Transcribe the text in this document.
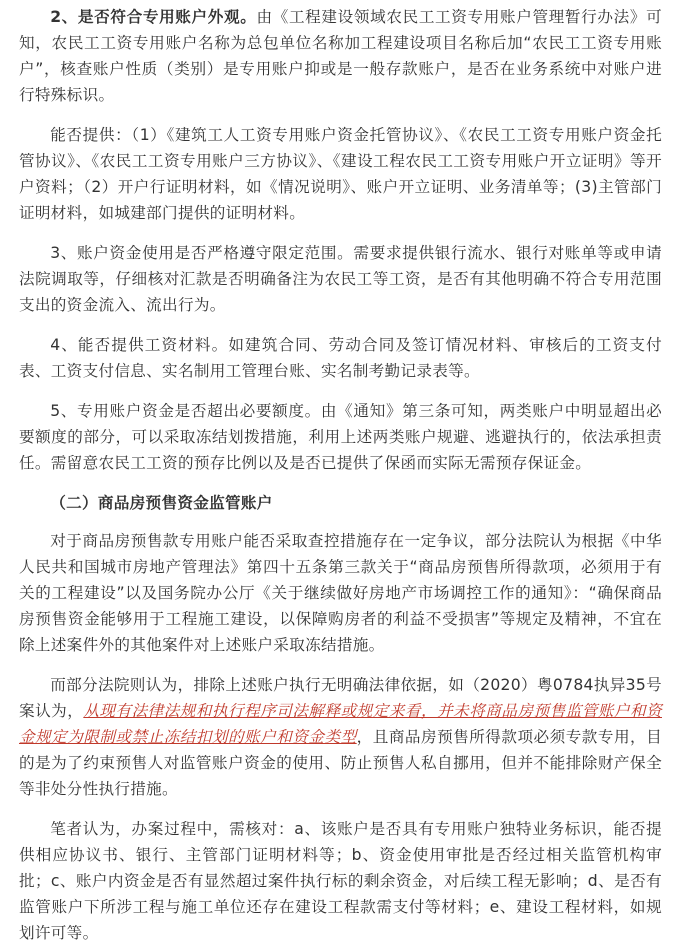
2、是否符合专用账户外观。由《工程建设领域农民工工资专用账户管理暂行办法》可知，农民工工资专用账户名称为总包单位名称加工程建设项目名称后加“农民工工资专用账户”，核查账户性质（类别）是专用账户抑或是一般存款账户，是否在业务系统中对账户进行特殊标识。

能否提供：（1）《建筑工人工资专用账户资金托管协议》、《农民工工资专用账户资金托管协议》、《农民工工资专用账户三方协议》、《建设工程农民工工资专用账户开立证明》等开户资料；（2）开户行证明材料，如《情况说明》、账户开立证明、业务清单等；(3)主管部门证明材料，如城建部门提供的证明材料。

3、账户资金使用是否严格遵守限定范围。需要求提供银行流水、银行对账单等或申请法院调取等，仔细核对汇款是否明确备注为农民工等工资，是否有其他明确不符合专用范围支出的资金流入、流出行为。

4、能否提供工资材料。如建筑合同、劳动合同及签订情况材料、审核后的工资支付表、工资支付信息、实名制用工管理台账、实名制考勤记录表等。

5、专用账户资金是否超出必要额度。由《通知》第三条可知，两类账户中明显超出必要额度的部分，可以采取冻结划拨措施，利用上述两类账户规避、逃避执行的，依法承担责任。需留意农民工工资的预存比例以及是否已提供了保函而实际无需预存保证金。

（二）商品房预售资金监管账户

对于商品房预售款专用账户能否采取查控措施存在一定争议，部分法院认为根据《中华人民共和国城市房地产管理法》第四十五条第三款关于“商品房预售所得款项，必须用于有关的工程建设”以及国务院办公厅《关于继续做好房地产市场调控工作的通知》：“确保商品房预售资金能够用于工程施工建设，以保障购房者的利益不受损害”等规定及精神，不宜在除上述案件外的其他案件对上述账户采取冻结措施。

而部分法院则认为，排除上述账户执行无明确法律依据，如（2020）粤0784执异35号案认为，从现有法律法规和执行程序司法解释或规定来看，并未将商品房预售监管账户和资金规定为限制或禁止冻结扣划的账户和资金类型，且商品房预售所得款项必须专款专用，目的是为了约束预售人对监管账户资金的使用、防止预售人私自挪用，但并不能排除财产保全等非处分性执行措施。

笔者认为，办案过程中，需核对：a、该账户是否具有专用账户独特业务标识，能否提供相应协议书、银行、主管部门证明材料等；b、资金使用审批是否经过相关监管机构审批；c、账户内资金是否有显然超过案件执行标的剩余资金，对后续工程无影响；d、是否有监管账户下所涉工程与施工单位还存在建设工程款需支付等材料；e、建设工程材料，如规划许可等。
